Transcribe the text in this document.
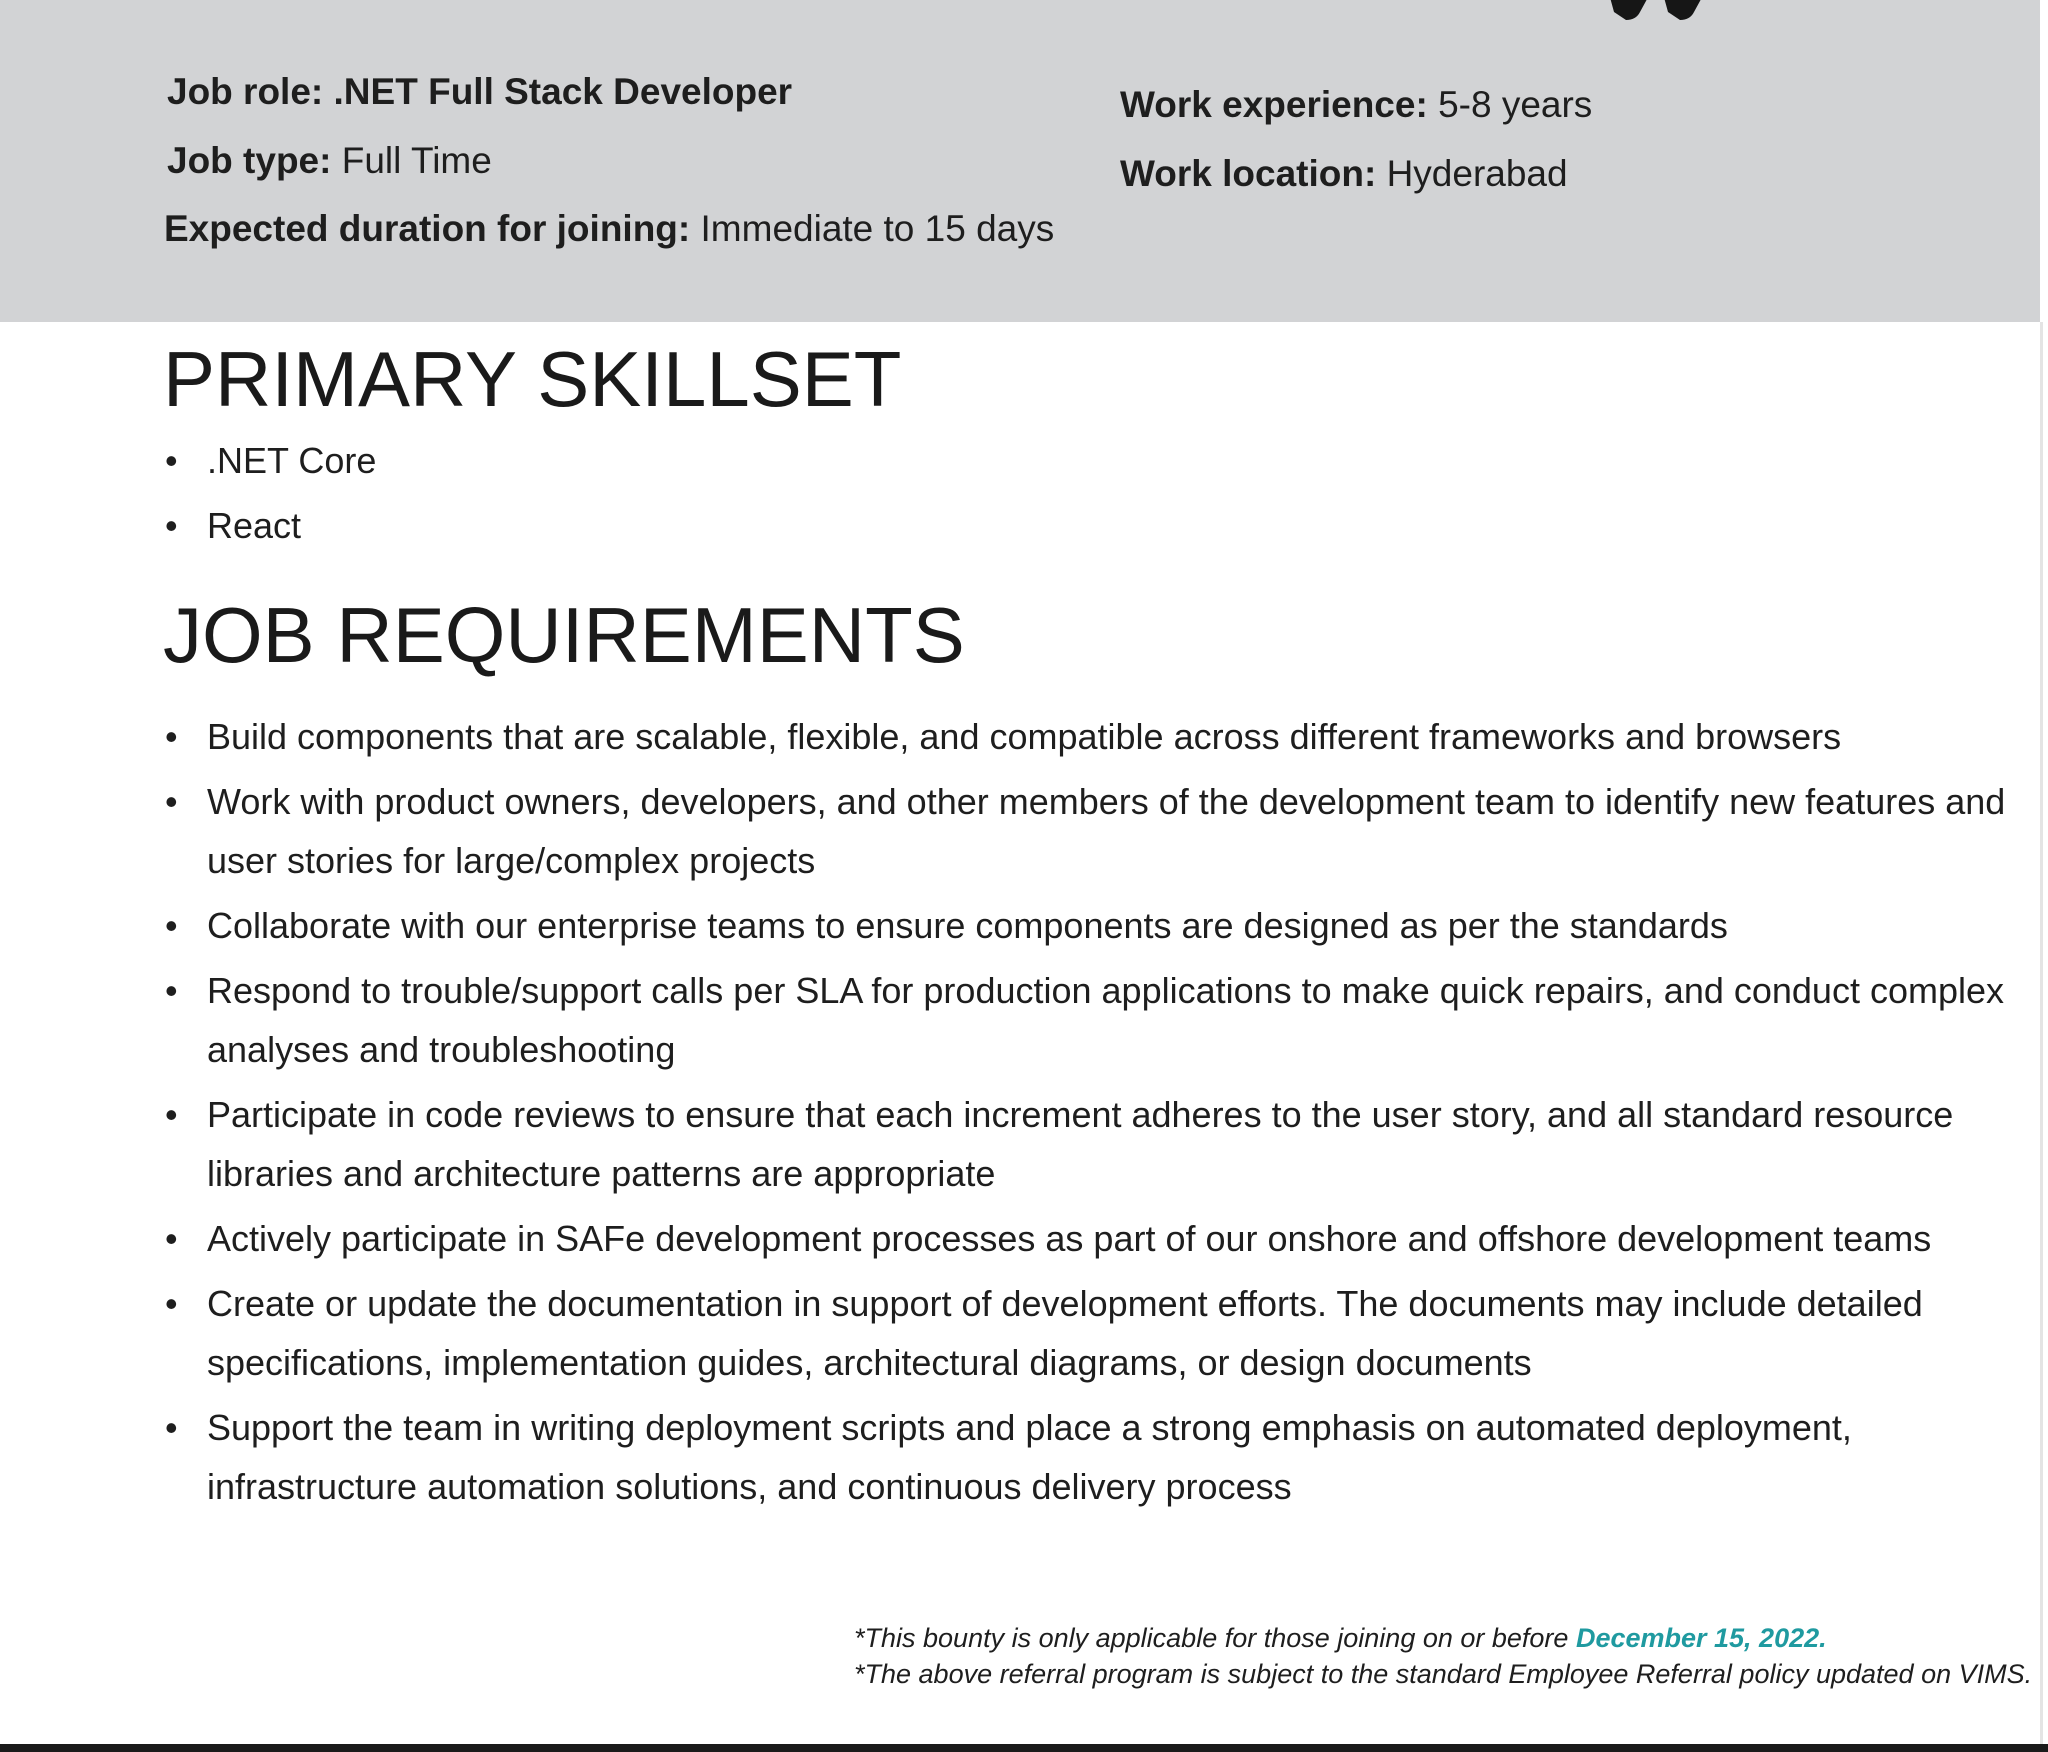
Job role: .NET Full Stack Developer
Job type: Full Time
Expected duration for joining: Immediate to 15 days
Work experience: 5-8 years
Work location: Hyderabad
PRIMARY SKILLSET
• .NET Core
• React
JOB REQUIREMENTS
• Build components that are scalable, flexible, and compatible across different frameworks and browsers
• Work with product owners, developers, and other members of the development team to identify new features and user stories for large/complex projects
• Collaborate with our enterprise teams to ensure components are designed as per the standards
• Respond to trouble/support calls per SLA for production applications to make quick repairs, and conduct complex analyses and troubleshooting
• Participate in code reviews to ensure that each increment adheres to the user story, and all standard resource libraries and architecture patterns are appropriate
• Actively participate in SAFe development processes as part of our onshore and offshore development teams
• Create or update the documentation in support of development efforts. The documents may include detailed specifications, implementation guides, architectural diagrams, or design documents
• Support the team in writing deployment scripts and place a strong emphasis on automated deployment, infrastructure automation solutions, and continuous delivery process
*This bounty is only applicable for those joining on or before December 15, 2022.
*The above referral program is subject to the standard Employee Referral policy updated on VIMS.
